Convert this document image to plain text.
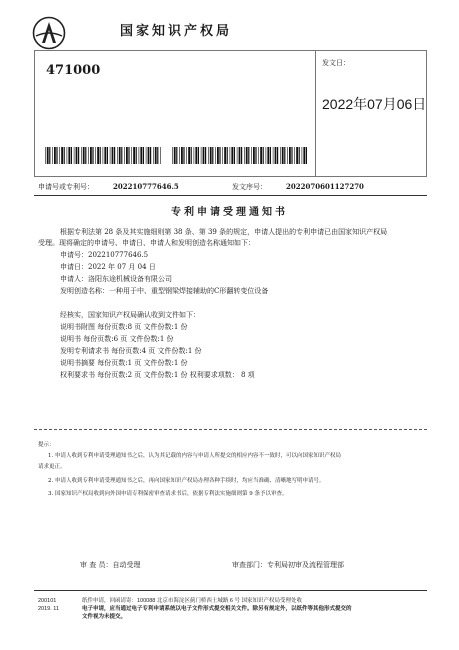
国家知识产权局
471000	发文日：
2022年07月06日
申请号或专利号：	202210777646.5	发文序号：	2022070601127270
专利申请受理通知书
根据专利法第 28 条及其实施细则第 38 条、第 39 条的规定，申请人提出的专利申请已由国家知识产权局
受理。现将确定的申请号、申请日、申请人和发明创造名称通知如下：
申请号：202210777646.5
申请日：2022 年 07 月 04 日
申请人：洛阳东途机械设备有限公司
发明创造名称：一种用于中、重型钢梁焊接辅助的C形翻转变位设备
经核实，国家知识产权局确认收到文件如下：
说明书附图 每份页数:8 页 文件份数:1 份
说明书 每份页数:6 页 文件份数:1 份
发明专利请求书 每份页数:4 页 文件份数:1 份
说明书摘要 每份页数:1 页 文件份数:1 份
权利要求书 每份页数:2 页 文件份数:1 份 权利要求项数： 8 项
提示：
1. 申请人收到专利申请受理通知书之后，认为其记载的内容与申请人所提交的相应内容不一致时，可以向国家知识产权局
请求更正。
2. 申请人收到专利申请受理通知书之后，再向国家知识产权局办理各种手续时，均应当准确、清晰地写明申请号。
3. 国家知识产权局收到向外国申请专利保密审查请求书后，依据专利法实施细则第 9 条予以审查。
审 查 员：自动受理	审查部门：专利局初审及流程管理部
200101
2019. 11
纸件申请，回函请寄：100088 北京市海淀区蓟门桥西土城路 6 号 国家知识产权局受理处收
电子申请，应当通过电子专利申请系统以电子文件形式提交相关文件。除另有规定外，以纸件等其他形式提交的
文件视为未提交。
